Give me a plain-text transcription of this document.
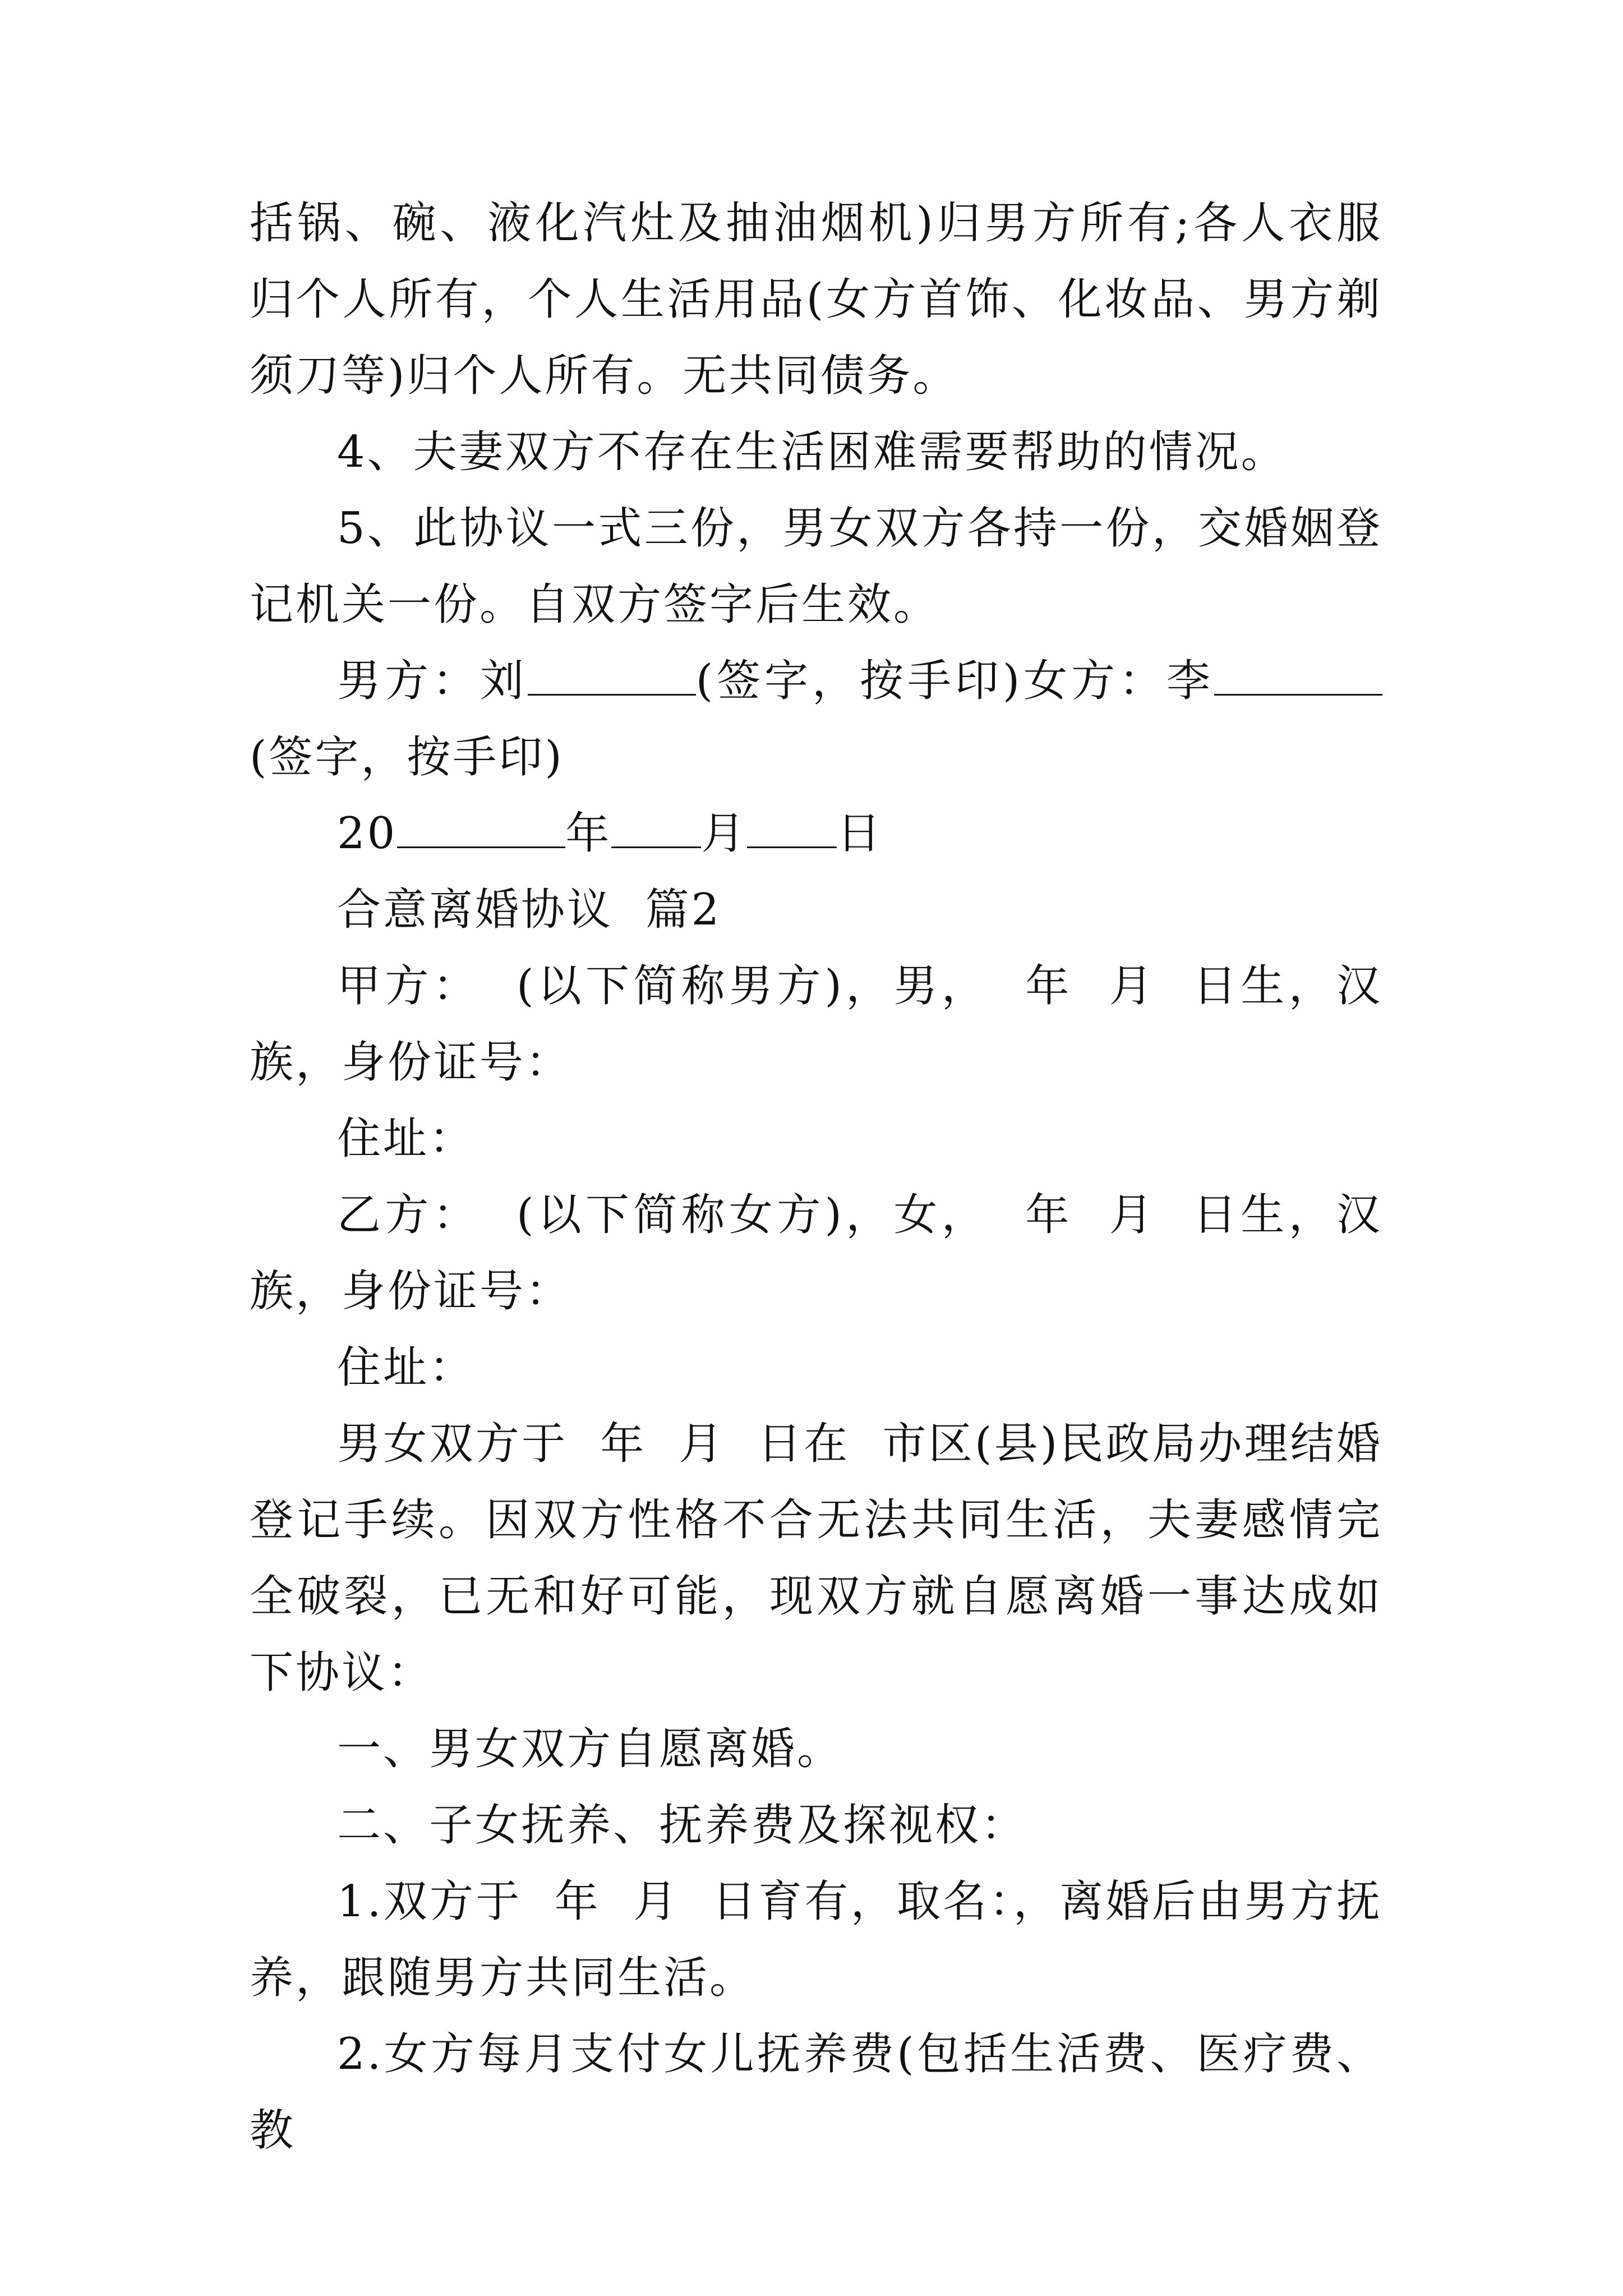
括锅、碗、液化汽灶及抽油烟机)归男方所有;各人衣服归个人所有，个人生活用品(女方首饰、化妆品、男方剃须刀等)归个人所有。无共同债务。

4、夫妻双方不存在生活困难需要帮助的情况。

5、此协议一式三份，男女双方各持一份，交婚姻登记机关一份。自双方签字后生效。

男方：刘	(签字，按手印)女方：李(签字，按手印)

20	年 月 日

合意离婚协议  篇2

甲方：  (以下简称男方)，男，  年  月  日生，汉族，身份证号：

住址：

乙方：  (以下简称女方)，女，  年  月  日生，汉族，身份证号：

住址：

男女双方于  年  月  日在  市区(县)民政局办理结婚登记手续。因双方性格不合无法共同生活，夫妻感情完全破裂，已无和好可能，现双方就自愿离婚一事达成如下协议：

一、男女双方自愿离婚。

二、子女抚养、抚养费及探视权：

1.双方于  年  月  日育有，取名：，离婚后由男方抚养，跟随男方共同生活。

2.女方每月支付女儿抚养费(包括生活费、医疗费、教
